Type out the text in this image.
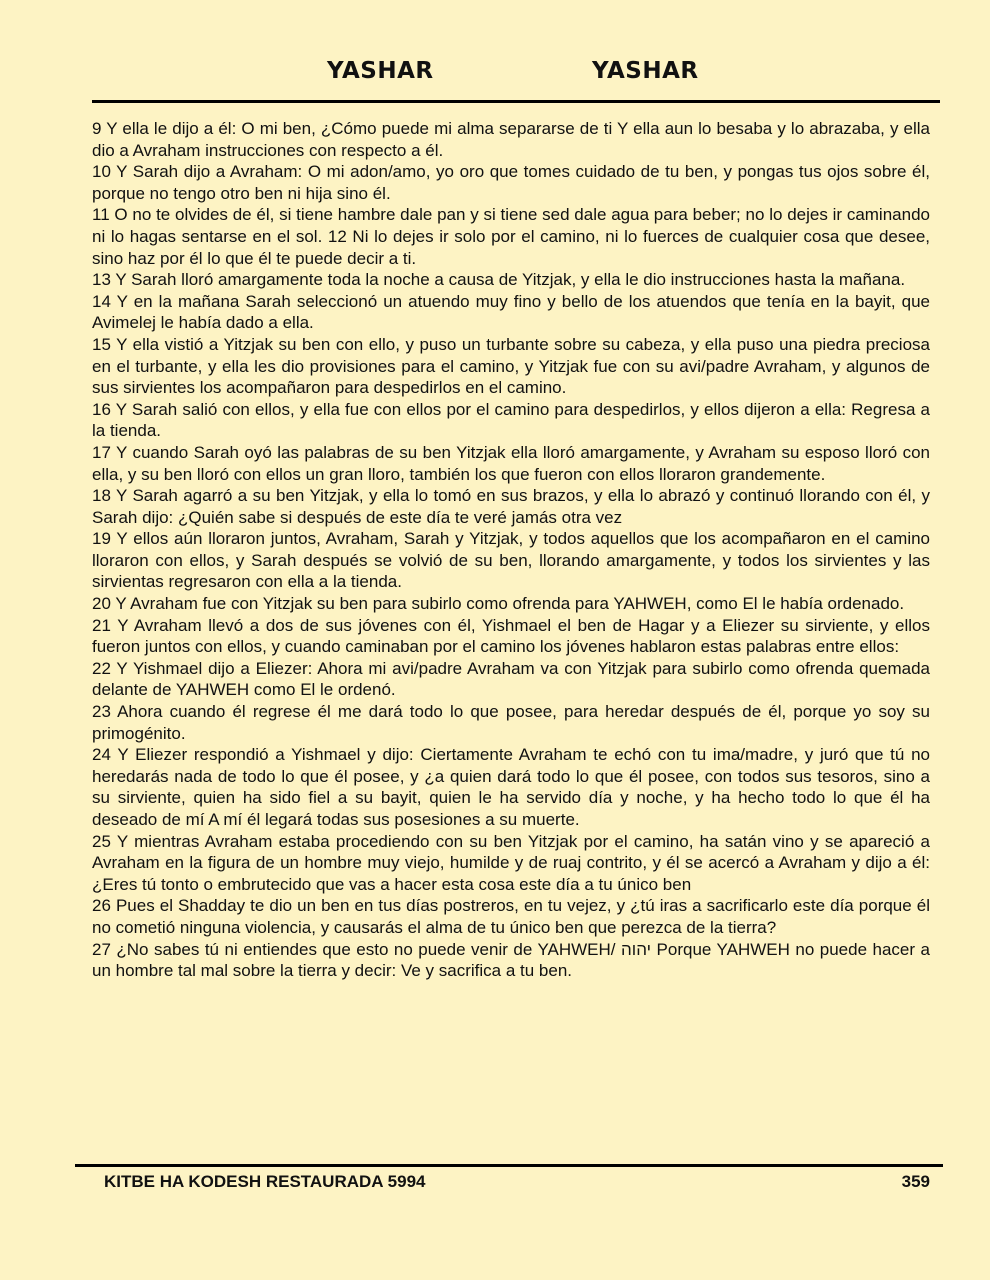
YASHAR	YASHAR

9 Y ella le dijo a él: O mi ben, ¿Cómo puede mi alma separarse de ti Y ella aun lo besaba y lo abrazaba, y ella dio a Avraham instrucciones con respecto a él.

10 Y Sarah dijo a Avraham: O mi adon/amo, yo oro que tomes cuidado de tu ben, y pongas tus ojos sobre él, porque no tengo otro ben ni hija sino él.

11 O no te olvides de él, si tiene hambre dale pan y si tiene sed dale agua para beber; no lo dejes ir caminando ni lo hagas sentarse en el sol. 12 Ni lo dejes ir solo por el camino, ni lo fuerces de cualquier cosa que desee, sino haz por él lo que él te puede decir a ti.

13 Y Sarah lloró amargamente toda la noche a causa de Yitzjak, y ella le dio instrucciones hasta la mañana.

14 Y en la mañana Sarah seleccionó un atuendo muy fino y bello de los atuendos que tenía en la bayit, que Avimelej le había dado a ella.

15 Y ella vistió a Yitzjak su ben con ello, y puso un turbante sobre su cabeza, y ella puso una piedra preciosa en el turbante, y ella les dio provisiones para el camino, y Yitzjak fue con su avi/padre Avraham, y algunos de sus sirvientes los acompañaron para despedirlos en el camino.

16 Y Sarah salió con ellos, y ella fue con ellos por el camino para despedirlos, y ellos dijeron a ella: Regresa a la tienda.

17 Y cuando Sarah oyó las palabras de su ben Yitzjak ella lloró amargamente, y Avraham su esposo lloró con ella, y su ben lloró con ellos un gran lloro, también los que fueron con ellos lloraron grandemente.

18 Y Sarah agarró a su ben Yitzjak, y ella lo tomó en sus brazos, y ella lo abrazó y continuó llorando con él, y Sarah dijo: ¿Quién sabe si después de este día te veré jamás otra vez

19 Y ellos aún lloraron juntos, Avraham, Sarah y Yitzjak, y todos aquellos que los acompañaron en el camino lloraron con ellos, y Sarah después se volvió de su ben, llorando amargamente, y todos los sirvientes y las sirvientas regresaron con ella a la tienda.

20 Y Avraham fue con Yitzjak su ben para subirlo como ofrenda para YAHWEH, como El le había ordenado.

21 Y Avraham llevó a dos de sus jóvenes con él, Yishmael el ben de Hagar y a Eliezer su sirviente, y ellos fueron juntos con ellos, y cuando caminaban por el camino los jóvenes hablaron estas palabras entre ellos:

22 Y Yishmael dijo a Eliezer: Ahora mi avi/padre Avraham va con Yitzjak para subirlo como ofrenda quemada delante de YAHWEH como El le ordenó.

23 Ahora cuando él regrese él me dará todo lo que posee, para heredar después de él, porque yo soy su primogénito.

24 Y Eliezer respondió a Yishmael y dijo: Ciertamente Avraham te echó con tu ima/madre, y juró que tú no heredarás nada de todo lo que él posee, y ¿a quien dará todo lo que él posee, con todos sus tesoros, sino a su sirviente, quien ha sido fiel a su bayit, quien le ha servido día y noche, y ha hecho todo lo que él ha deseado de mí A mí él legará todas sus posesiones a su muerte.

25 Y mientras Avraham estaba procediendo con su ben Yitzjak por el camino, ha satán vino y se apareció a Avraham en la figura de un hombre muy viejo, humilde y de ruaj contrito, y él se acercó a Avraham y dijo a él: ¿Eres tú tonto o embrutecido que vas a hacer esta cosa este día a tu único ben

26 Pues el Shadday te dio un ben en tus días postreros, en tu vejez, y ¿tú iras a sacrificarlo este día porque él no cometió ninguna violencia, y causarás el alma de tu único ben que perezca de la tierra?

27 ¿No sabes tú ni entiendes que esto no puede venir de YAHWEH/ יהוה Porque YAHWEH no puede hacer a un hombre tal mal sobre la tierra y decir: Ve y sacrifica a tu ben.

KITBE HA KODESH RESTAURADA 5994	359
